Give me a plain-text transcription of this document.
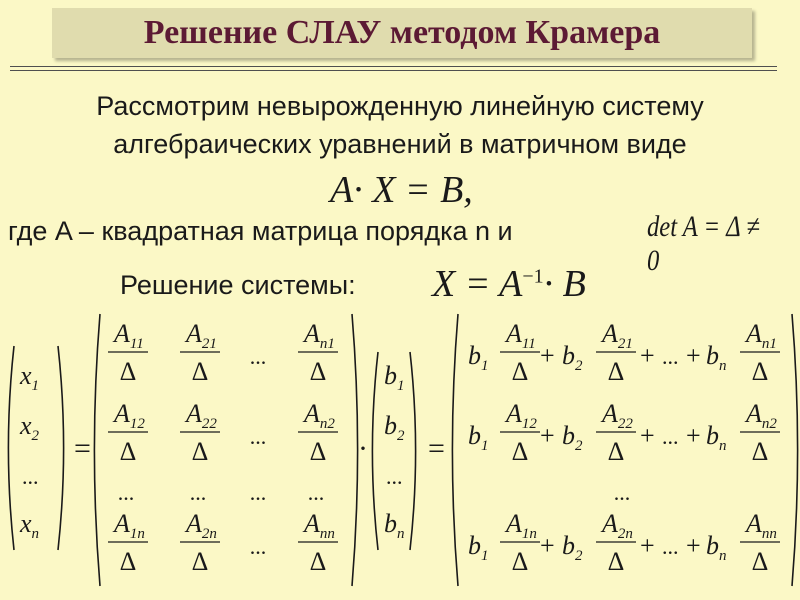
Решение СЛАУ методом Крамера
Рассмотрим невырожденную линейную систему
алгебраических уравнений в матричном виде
A· X = B,
где A – квадратная матрица порядка n и	det A = Δ ≠ 0
Решение системы: $X = A^{-1}\cdot B$
$x_1$
$x_2$
...
$x_n$
=
$A_{11}$
Δ
$A_{21}$
Δ
...
$A_{n1}$
Δ
$A_{12}$
Δ
$A_{22}$
Δ
...
$A_{n2}$
Δ
...	... ... ...
$A_{1n}$
Δ
$A_{2n}$
Δ
...
$A_{nn}$
Δ
·
$b_1$
$b_2$
...
$b_n$
=
$b_1$
$A_{11}$
Δ
+ $b_2$
$A_{21}$
Δ
+ ... + $b_n$
$A_{n1}$
Δ
$b_1$
$A_{12}$
Δ
+ $b_2$
$A_{22}$
Δ
+ ... + $b_n$
$A_{n2}$
Δ
...
$b_1$
$A_{1n}$
Δ
+ $b_2$
$A_{2n}$
Δ
+ ... + $b_n$
$A_{nn}$
Δ
